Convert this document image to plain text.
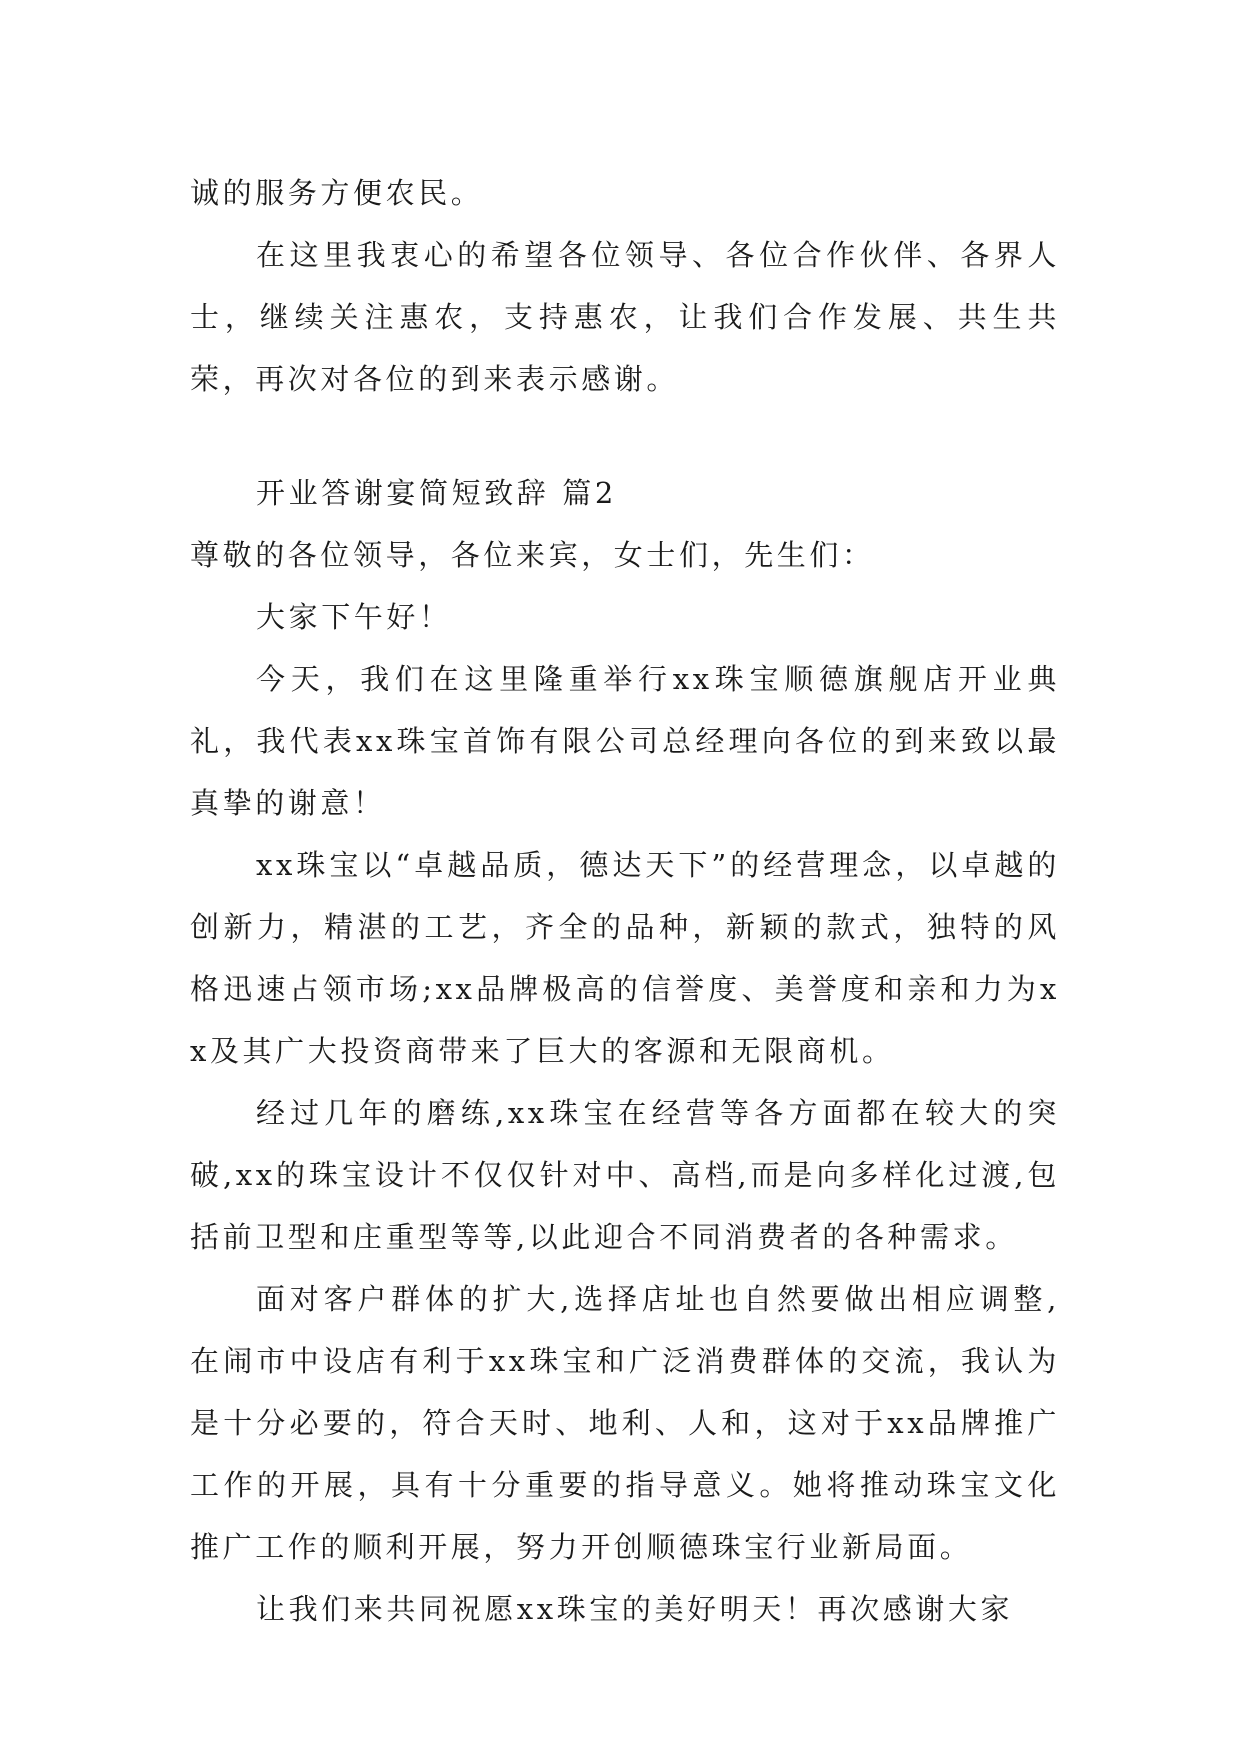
诚的服务方便农民。

在这里我衷心的希望各位领导、各位合作伙伴、各界人士，继续关注惠农，支持惠农，让我们合作发展、共生共荣，再次对各位的到来表示感谢。

开业答谢宴简短致辞 篇2

尊敬的各位领导，各位来宾，女士们，先生们：

大家下午好！

今天，我们在这里隆重举行xx珠宝顺德旗舰店开业典礼，我代表xx珠宝首饰有限公司总经理向各位的到来致以最真挚的谢意！

xx珠宝以“卓越品质，德达天下”的经营理念，以卓越的创新力，精湛的工艺，齐全的品种，新颖的款式，独特的风格迅速占领市场;xx品牌极高的信誉度、美誉度和亲和力为xx及其广大投资商带来了巨大的客源和无限商机。

经过几年的磨练,xx珠宝在经营等各方面都在较大的突破,xx的珠宝设计不仅仅针对中、高档,而是向多样化过渡,包括前卫型和庄重型等等,以此迎合不同消费者的各种需求。

面对客户群体的扩大,选择店址也自然要做出相应调整,在闹市中设店有利于xx珠宝和广泛消费群体的交流，我认为是十分必要的，符合天时、地利、人和，这对于xx品牌推广工作的开展，具有十分重要的指导意义。她将推动珠宝文化推广工作的顺利开展，努力开创顺德珠宝行业新局面。

让我们来共同祝愿xx珠宝的美好明天！再次感谢大家
